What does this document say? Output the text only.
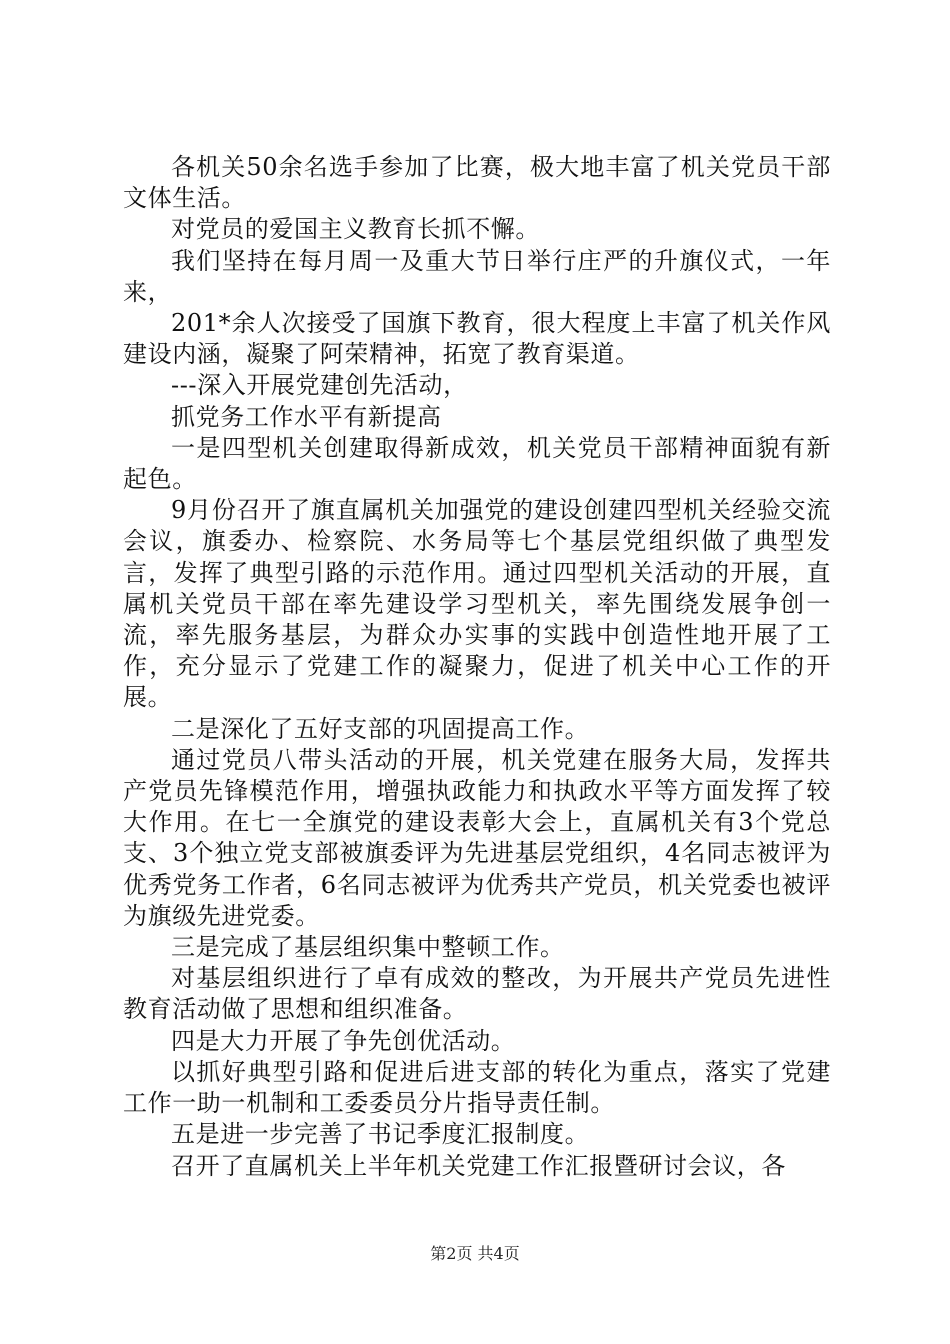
各机关50余名选手参加了比赛，极大地丰富了机关党员干部文体生活。

对党员的爱国主义教育长抓不懈。

我们坚持在每月周一及重大节日举行庄严的升旗仪式，一年来，

201*余人次接受了国旗下教育，很大程度上丰富了机关作风建设内涵，凝聚了阿荣精神，拓宽了教育渠道。

---深入开展党建创先活动，

抓党务工作水平有新提高

一是四型机关创建取得新成效，机关党员干部精神面貌有新起色。

9月份召开了旗直属机关加强党的建设创建四型机关经验交流会议，旗委办、检察院、水务局等七个基层党组织做了典型发言，发挥了典型引路的示范作用。通过四型机关活动的开展，直属机关党员干部在率先建设学习型机关，率先围绕发展争创一流，率先服务基层，为群众办实事的实践中创造性地开展了工作，充分显示了党建工作的凝聚力，促进了机关中心工作的开展。

二是深化了五好支部的巩固提高工作。

通过党员八带头活动的开展，机关党建在服务大局，发挥共产党员先锋模范作用，增强执政能力和执政水平等方面发挥了较大作用。在七一全旗党的建设表彰大会上，直属机关有3个党总支、3个独立党支部被旗委评为先进基层党组织，4名同志被评为优秀党务工作者，6名同志被评为优秀共产党员，机关党委也被评为旗级先进党委。

三是完成了基层组织集中整顿工作。

对基层组织进行了卓有成效的整改，为开展共产党员先进性教育活动做了思想和组织准备。

四是大力开展了争先创优活动。

以抓好典型引路和促进后进支部的转化为重点，落实了党建工作一助一机制和工委委员分片指导责任制。

五是进一步完善了书记季度汇报制度。

召开了直属机关上半年机关党建工作汇报暨研讨会议，各

第2页 共4页
